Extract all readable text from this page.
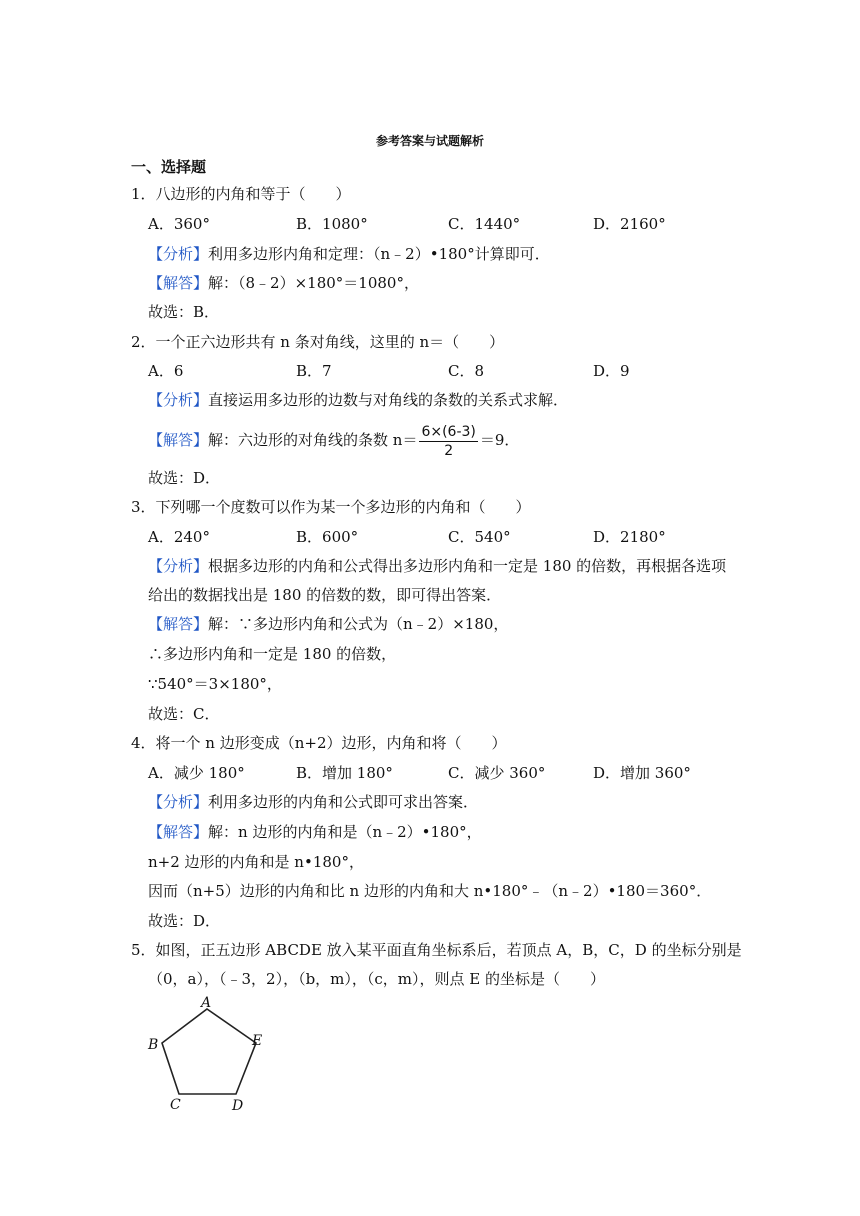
参考答案与试题解析
一、选择题
1．八边形的内角和等于（　　）
A．360°	B．1080°	C．1440°	D．2160°
【分析】利用多边形内角和定理：（n﹣2）•180°计算即可．
【解答】解：（8﹣2）×180°＝1080°，
故选：B．
2．一个正六边形共有 n 条对角线，这里的 n＝（　　）
A．6	B．7	C．8	D．9
【分析】直接运用多边形的边数与对角线的条数的关系式求解．
【解答】解：六边形的对角线的条数 $n= \frac{6\times(6-3)}{2} =9$．
故选：D．
3．下列哪一个度数可以作为某一个多边形的内角和（　　）
A．240°	B．600°	C．540°	D．2180°
【分析】根据多边形的内角和公式得出多边形内角和一定是 180 的倍数，再根据各选项
给出的数据找出是 180 的倍数的数，即可得出答案．
【解答】解：∵多边形内角和公式为（n﹣2）×180，
∴多边形内角和一定是 180 的倍数，
∵540°＝3×180°，
故选：C．
4．将一个 n 边形变成（n+2）边形，内角和将（　　）
A．减少 180°	B．增加 180°	C．减少 360°	D．增加 360°
【分析】利用多边形的内角和公式即可求出答案．
【解答】解：n 边形的内角和是（n﹣2）•180°，
n+2 边形的内角和是 n•180°，
因而（n+5）边形的内角和比 n 边形的内角和大 n•180°﹣（n﹣2）•180＝360°．
故选：D．
5．如图，正五边形 ABCDE 放入某平面直角坐标系后，若顶点 A，B，C，D 的坐标分别是
（0，a），（﹣3，2），（b，m），（c，m），则点 E 的坐标是（　　）
A
B
C	D
E
